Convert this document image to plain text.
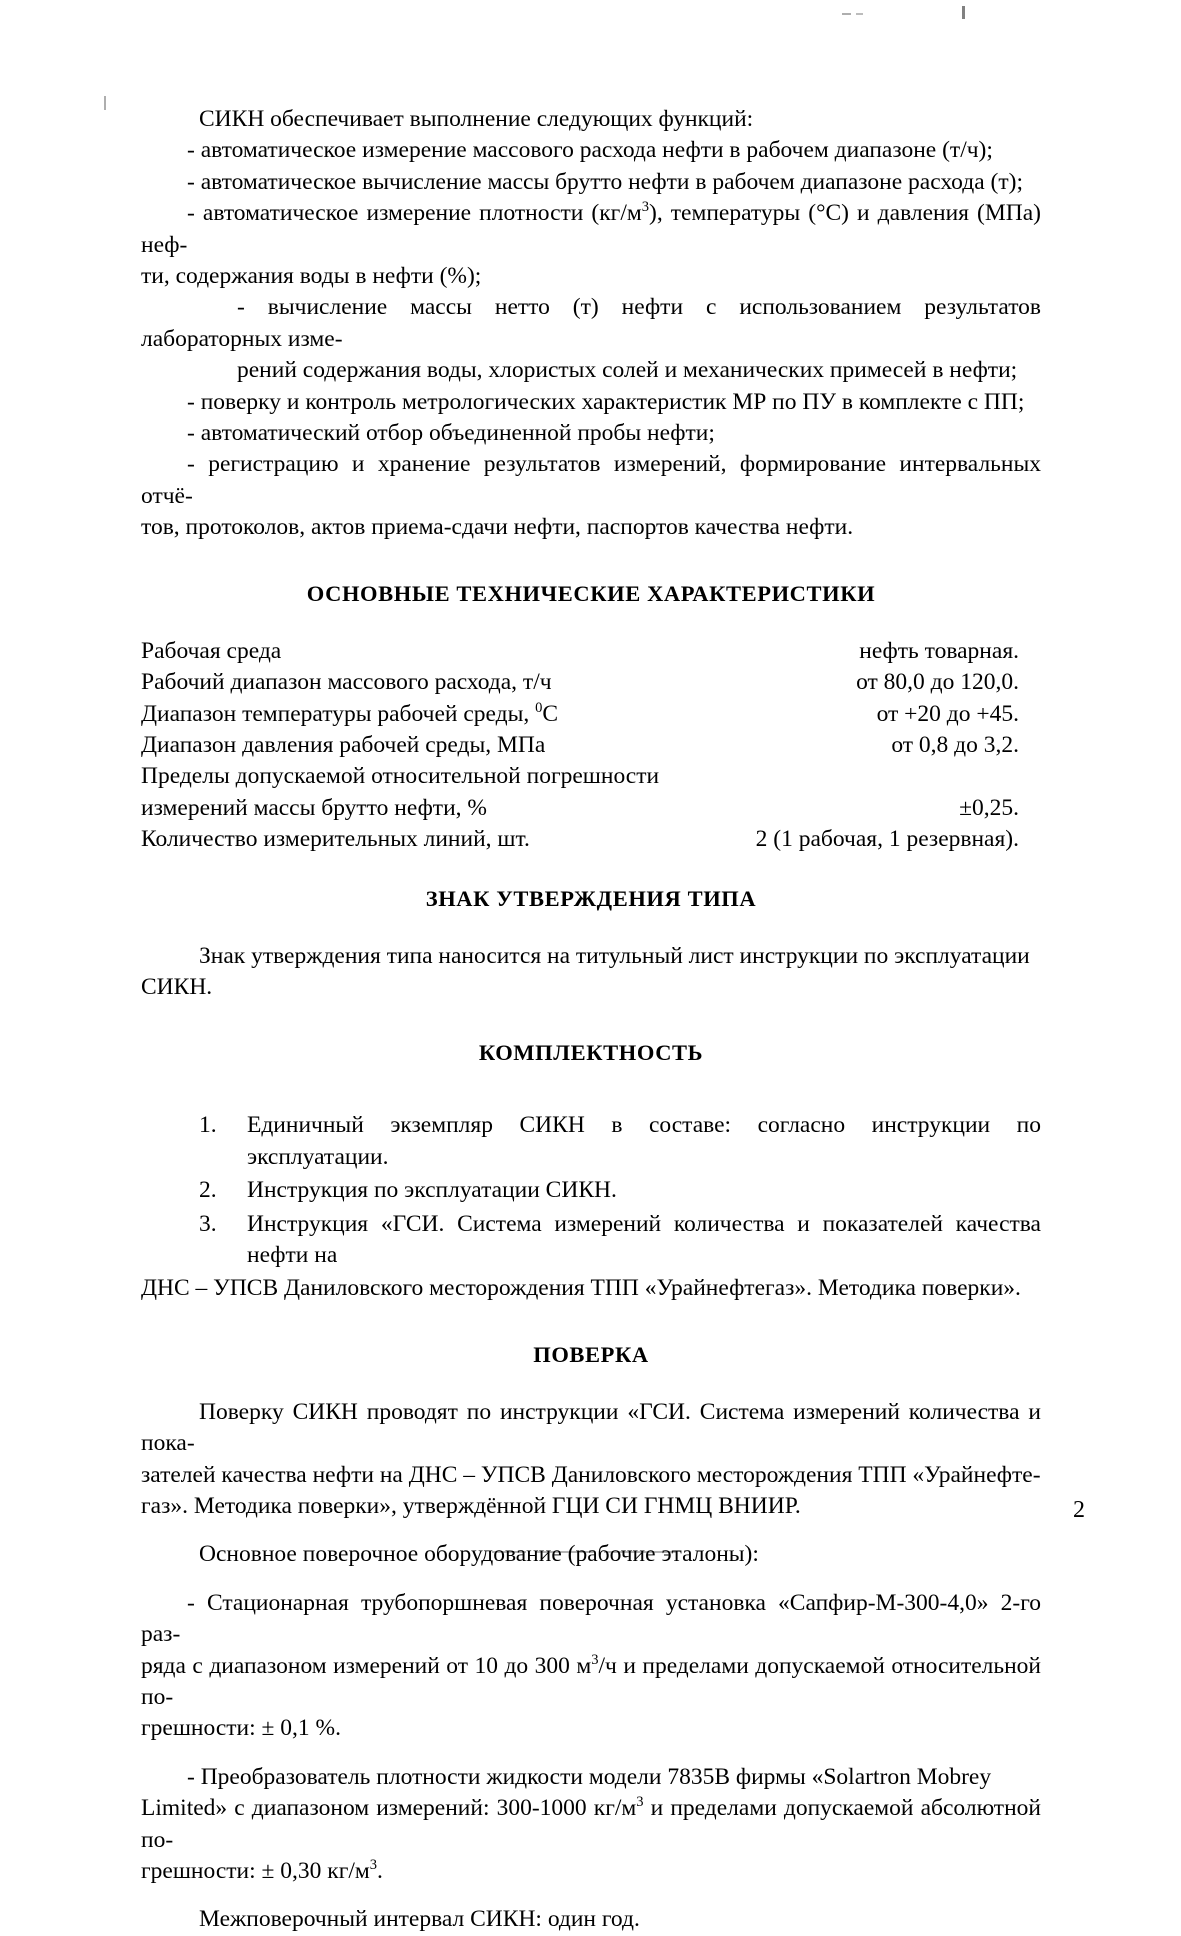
СИКН обеспечивает выполнение следующих функций:

- автоматическое измерение массового расхода нефти в рабочем диапазоне (т/ч);

- автоматическое вычисление массы брутто нефти в рабочем диапазоне расхода (т);

- автоматическое измерение плотности $(кг/м^3)$, температуры (°С) и давления (МПа) неф-

ти, содержания воды в нефти (%);

- вычисление массы нетто (т) нефти с использованием результатов лабораторных изме-

рений содержания воды, хлористых солей и механических примесей в нефти;

- поверку и контроль метрологических характеристик МР по ПУ в комплекте с ПП;

- автоматический отбор объединенной пробы нефти;

- регистрацию и хранение результатов измерений, формирование интервальных отчё-

тов, протоколов, актов приема-сдачи нефти, паспортов качества нефти.

ОСНОВНЫЕ ТЕХНИЧЕСКИЕ ХАРАКТЕРИСТИКИ
Рабочая среда	нефть товарная.
Рабочий диапазон массового расхода, т/ч	от 80,0 до 120,0.
Диапазон температуры рабочей среды, $^0$С	от +20 до +45.
Диапазон давления рабочей среды, МПа	от 0,8 до 3,2.
Пределы допускаемой относительной погрешности
измерений массы брутто нефти, %	±0,25.
Количество измерительных линий, шт.	2 (1 рабочая, 1 резервная).
ЗНАК УТВЕРЖДЕНИЯ ТИПА

Знак утверждения типа наносится на титульный лист инструкции по эксплуатации

СИКН.

КОМПЛЕКТНОСТЬ
1.	Единичный экземпляр СИКН в составе: согласно инструкции по эксплуатации.
2.	Инструкция по эксплуатации СИКН.
3.	Инструкция «ГСИ. Система измерений количества и показателей качества нефти на

ДНС – УПСВ Даниловского месторождения ТПП «Урайнефтегаз». Методика поверки».

ПОВЕРКА

Поверку СИКН проводят по инструкции «ГСИ. Система измерений количества и пока-

зателей качества нефти на ДНС – УПСВ Даниловского месторождения ТПП «Урайнефте-

газ». Методика поверки», утверждённой ГЦИ СИ ГНМЦ ВНИИР.

Основное поверочное оборудование (рабочие эталоны):

- Стационарная трубопоршневая поверочная установка «Сапфир-М-300-4,0» 2-го раз-

ряда с диапазоном измерений от 10 до 300 $м^3/ч$ и пределами допускаемой относительной по-

грешности: ± 0,1 %.

- Преобразователь плотности жидкости модели 7835В фирмы «Solartron Mobrey

Limited» с диапазоном измерений: 300-1000 $кг/м^3$ и пределами допускаемой абсолютной по-

грешности: ± 0,30 $кг/м^3$.

Межповерочный интервал СИКН: один год.

2
